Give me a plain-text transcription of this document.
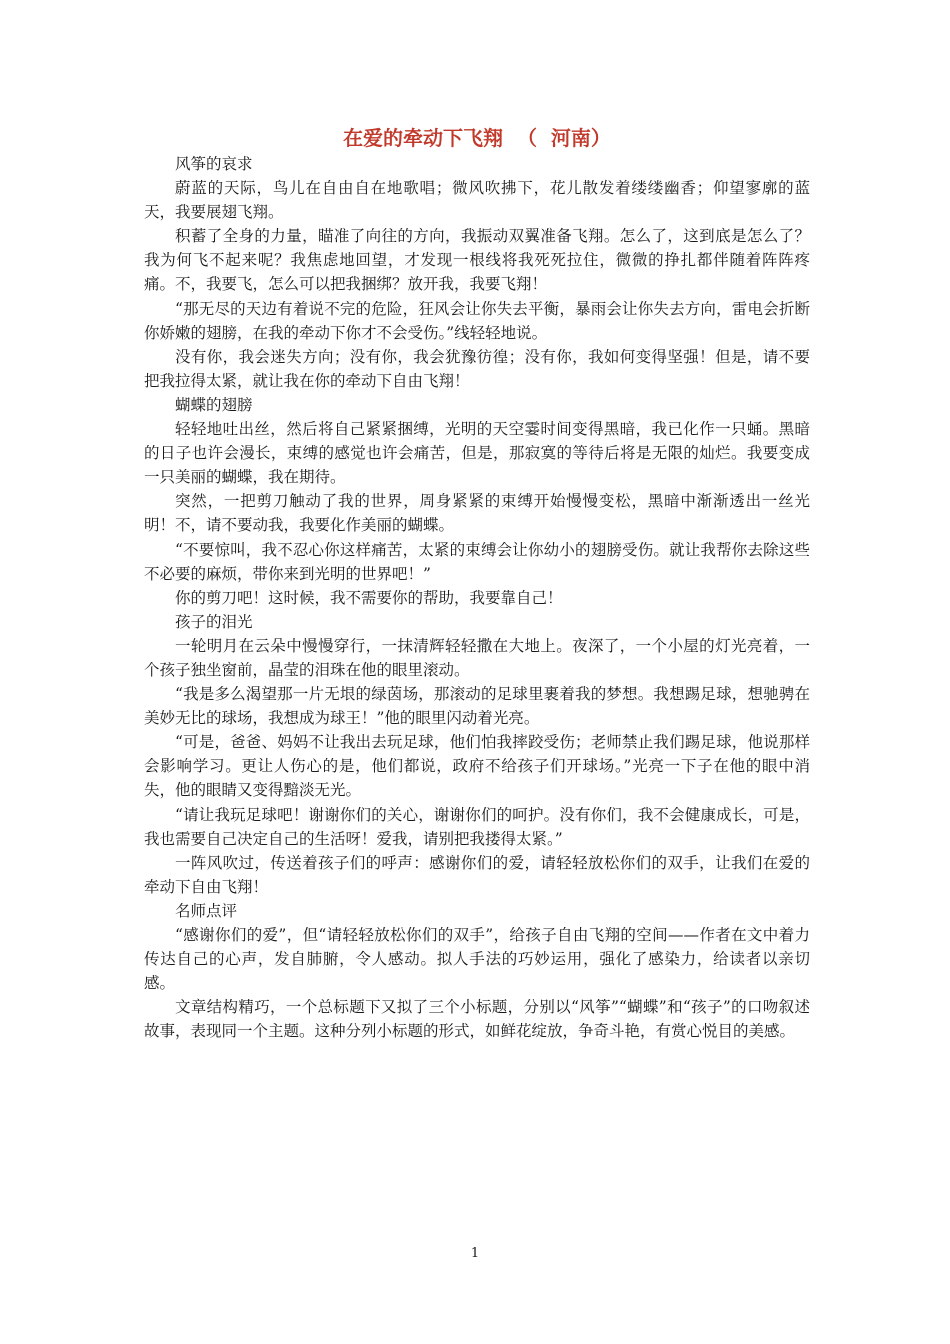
在爱的牵动下飞翔  （  河南）

风筝的哀求

蔚蓝的天际，鸟儿在自由自在地歌唱；微风吹拂下，花儿散发着缕缕幽香；仰望寥廓的蓝天，我要展翅飞翔。

积蓄了全身的力量，瞄准了向往的方向，我振动双翼准备飞翔。怎么了，这到底是怎么了？我为何飞不起来呢？我焦虑地回望，才发现一根线将我死死拉住，微微的挣扎都伴随着阵阵疼痛。不，我要飞，怎么可以把我捆绑？放开我，我要飞翔！

“那无尽的天边有着说不完的危险，狂风会让你失去平衡，暴雨会让你失去方向，雷电会折断你娇嫩的翅膀，在我的牵动下你才不会受伤。”线轻轻地说。

没有你，我会迷失方向；没有你，我会犹豫彷徨；没有你，我如何变得坚强！但是，请不要把我拉得太紧，就让我在你的牵动下自由飞翔！

蝴蝶的翅膀

轻轻地吐出丝，然后将自己紧紧捆缚，光明的天空霎时间变得黑暗，我已化作一只蛹。黑暗的日子也许会漫长，束缚的感觉也许会痛苦，但是，那寂寞的等待后将是无限的灿烂。我要变成一只美丽的蝴蝶，我在期待。

突然，一把剪刀触动了我的世界，周身紧紧的束缚开始慢慢变松，黑暗中渐渐透出一丝光明！不，请不要动我，我要化作美丽的蝴蝶。

“不要惊叫，我不忍心你这样痛苦，太紧的束缚会让你幼小的翅膀受伤。就让我帮你去除这些不必要的麻烦，带你来到光明的世界吧！”

你的剪刀吧！这时候，我不需要你的帮助，我要靠自己！

孩子的泪光

一轮明月在云朵中慢慢穿行，一抹清辉轻轻撒在大地上。夜深了，一个小屋的灯光亮着，一个孩子独坐窗前，晶莹的泪珠在他的眼里滚动。

“我是多么渴望那一片无垠的绿茵场，那滚动的足球里裹着我的梦想。我想踢足球，想驰骋在美妙无比的球场，我想成为球王！”他的眼里闪动着光亮。

“可是，爸爸、妈妈不让我出去玩足球，他们怕我摔跤受伤；老师禁止我们踢足球，他说那样会影响学习。更让人伤心的是，他们都说，政府不给孩子们开球场。”光亮一下子在他的眼中消失，他的眼睛又变得黯淡无光。

“请让我玩足球吧！谢谢你们的关心，谢谢你们的呵护。没有你们，我不会健康成长，可是，我也需要自己决定自己的生活呀！爱我，请别把我搂得太紧。”

一阵风吹过，传送着孩子们的呼声：感谢你们的爱，请轻轻放松你们的双手，让我们在爱的牵动下自由飞翔！

名师点评

“感谢你们的爱”，但“请轻轻放松你们的双手”，给孩子自由飞翔的空间——作者在文中着力传达自己的心声，发自肺腑，令人感动。拟人手法的巧妙运用，强化了感染力，给读者以亲切感。

文章结构精巧，一个总标题下又拟了三个小标题，分别以“风筝”“蝴蝶”和“孩子”的口吻叙述故事，表现同一个主题。这种分列小标题的形式，如鲜花绽放，争奇斗艳，有赏心悦目的美感。

1
